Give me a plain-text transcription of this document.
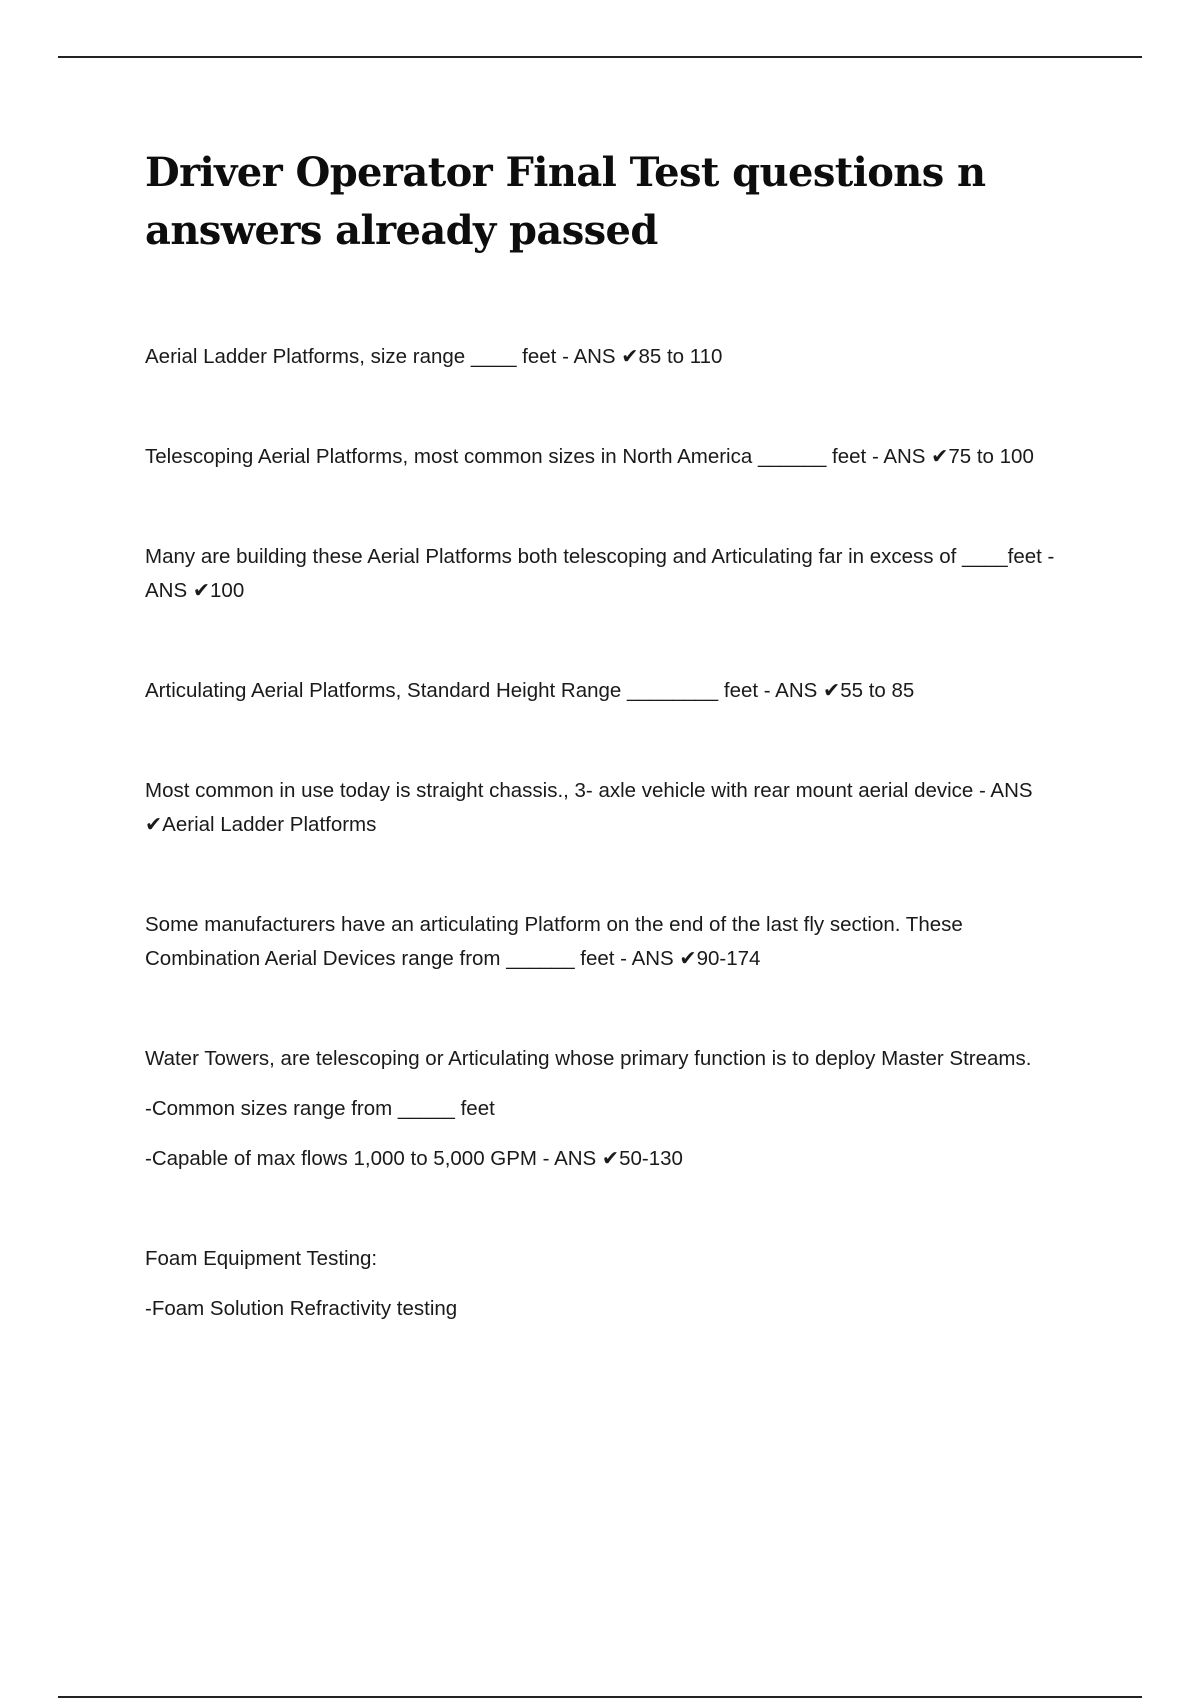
Driver Operator Final Test questions n answers already passed

Aerial Ladder Platforms, size range ____ feet - ANS ✔85 to 110

Telescoping Aerial Platforms, most common sizes in North America ______ feet - ANS ✔75 to 100

Many are building these Aerial Platforms both telescoping and Articulating far in excess of ____feet - ANS ✔100

Articulating Aerial Platforms, Standard Height Range ________ feet - ANS ✔55 to 85

Most common in use today is straight chassis., 3- axle vehicle with rear mount aerial device - ANS ✔Aerial Ladder Platforms

Some manufacturers have an articulating Platform on the end of the last fly section. These Combination Aerial Devices range from ______ feet - ANS ✔90-174

Water Towers, are telescoping or Articulating whose primary function is to deploy Master Streams.

-Common sizes range from _____ feet

-Capable of max flows 1,000 to 5,000 GPM - ANS ✔50-130

Foam Equipment Testing:

-Foam Solution Refractivity testing
